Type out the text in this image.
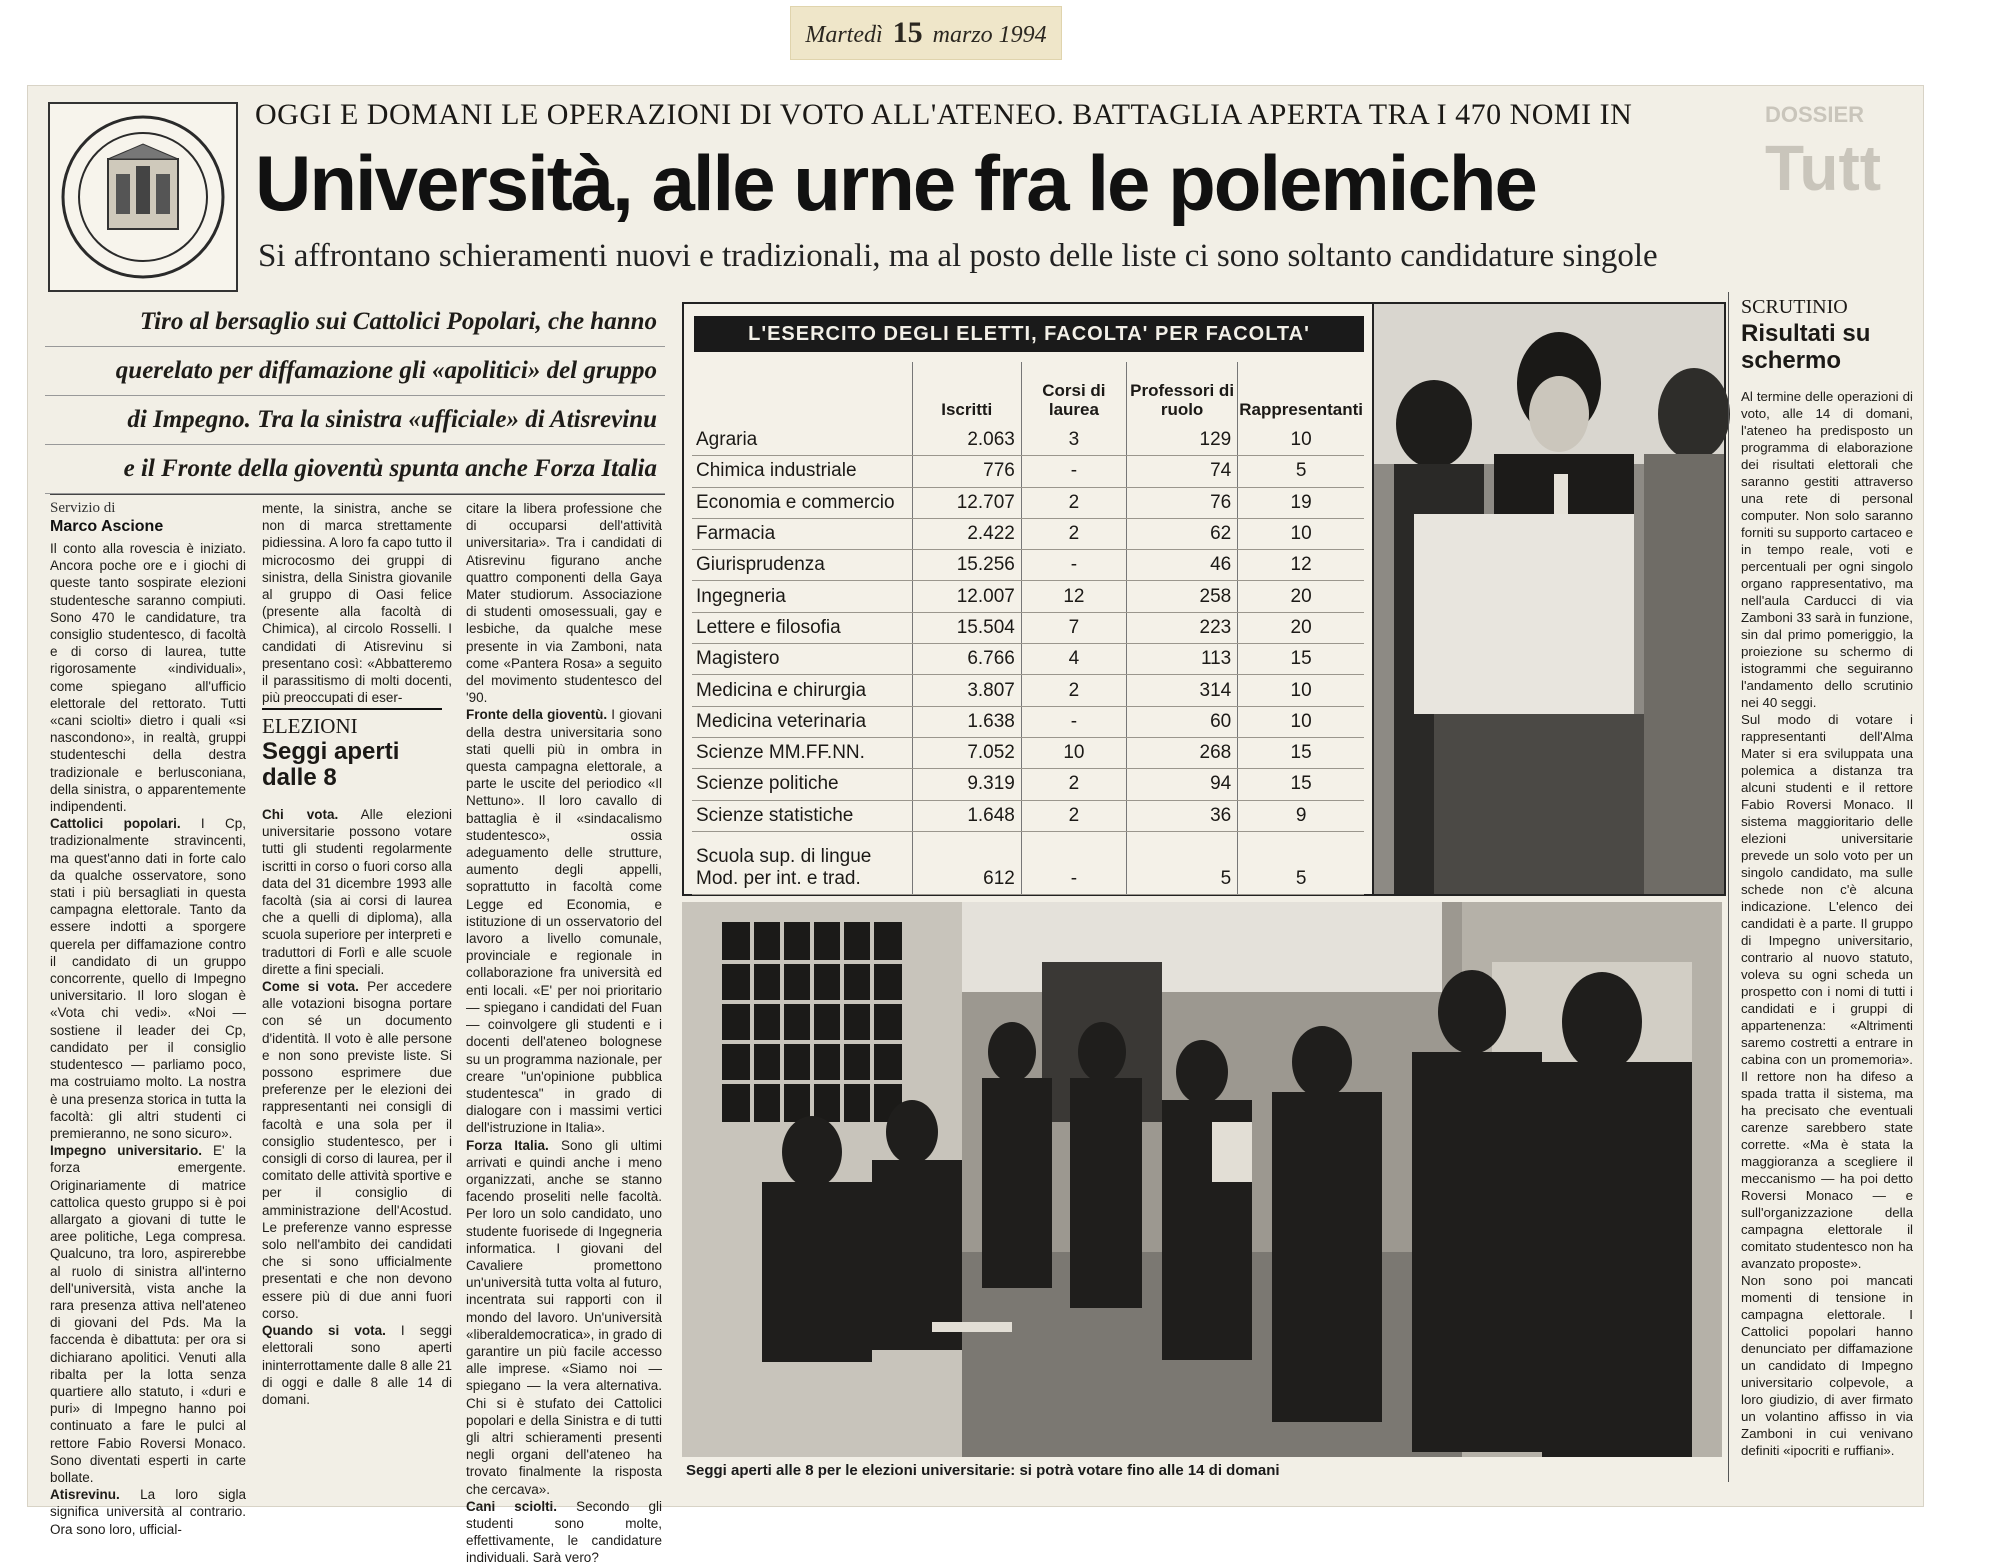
Martedì 15 marzo 1994
OGGI E DOMANI LE OPERAZIONI DI VOTO ALL'ATENEO. BATTAGLIA APERTA TRA I 470 NOMI IN
Università, alle urne fra le polemiche
Si affrontano schieramenti nuovi e tradizionali, ma al posto delle liste ci sono soltanto candidature singole
DOSSIER
Tutt
Tiro al bersaglio sui Cattolici Popolari, che hanno
querelato per diffamazione gli «apolitici» del gruppo
di Impegno. Tra la sinistra «ufficiale» di Atisrevinu
e il Fronte della gioventù spunta anche Forza Italia
Servizio di
Marco Ascione

Il conto alla rovescia è iniziato. Ancora poche ore e i giochi di queste tanto sospirate elezioni studentesche saranno compiuti. Sono 470 le candidature, tra consiglio studentesco, di facoltà e di corso di laurea, tutte rigorosamente «individuali», come spiegano all'ufficio elettorale del rettorato. Tutti «cani sciolti» dietro i quali «si nascondono», in realtà, gruppi studenteschi della destra tradizionale e berlusconiana, della sinistra, o apparentemente indipendenti.

Cattolici popolari. I Cp, tradizionalmente stravincenti, ma quest'anno dati in forte calo da qualche osservatore, sono stati i più bersagliati in questa campagna elettorale. Tanto da essere indotti a sporgere querela per diffamazione contro il candidato di un gruppo concorrente, quello di Impegno universitario. Il loro slogan è «Vota chi vedi». «Noi — sostiene il leader dei Cp, candidato per il consiglio studentesco — parliamo poco, ma costruiamo molto. La nostra è una presenza storica in tutta la facoltà: gli altri studenti ci premieranno, ne sono sicuro».

Impegno universitario. E' la forza emergente. Originariamente di matrice cattolica questo gruppo si è poi allargato a giovani di tutte le aree politiche, Lega compresa. Qualcuno, tra loro, aspirerebbe al ruolo di sinistra all'interno dell'università, vista anche la rara presenza attiva nell'ateneo di giovani del Pds. Ma la faccenda è dibattuta: per ora si dichiarano apolitici. Venuti alla ribalta per la lotta senza quartiere allo statuto, i «duri e puri» di Impegno hanno poi continuato a fare le pulci al rettore Fabio Roversi Monaco. Sono diventati esperti in carte bollate.

Atisrevinu. La loro sigla significa università al contrario. Ora sono loro, ufficial-

mente, la sinistra, anche se non di marca strettamente pidiessina. A loro fa capo tutto il microcosmo dei gruppi di sinistra, della Sinistra giovanile al gruppo di Oasi felice (presente alla facoltà di Chimica), al circolo Rosselli. I candidati di Atisrevinu si presentano così: «Abbatteremo il parassitismo di molti docenti, più preoccupati di eser-

ELEZIONI
Seggi aperti dalle 8

Chi vota. Alle elezioni universitarie possono votare tutti gli studenti regolarmente iscritti in corso o fuori corso alla data del 31 dicembre 1993 alle facoltà (sia ai corsi di laurea che a quelli di diploma), alla scuola superiore per interpreti e traduttori di Forlì e alle scuole dirette a fini speciali.

Come si vota. Per accedere alle votazioni bisogna portare con sé un documento d'identità. Il voto è alle persone e non sono previste liste. Si possono esprimere due preferenze per le elezioni dei rappresentanti nei consigli di facoltà e una sola per il consiglio studentesco, per i consigli di corso di laurea, per il comitato delle attività sportive e per il consiglio di amministrazione dell'Acostud. Le preferenze vanno espresse solo nell'ambito dei candidati che si sono ufficialmente presentati e che non devono essere più di due anni fuori corso.

Quando si vota. I seggi elettorali sono aperti ininterrottamente dalle 8 alle 21 di oggi e dalle 8 alle 14 di domani.

citare la libera professione che di occuparsi dell'attività universitaria». Tra i candidati di Atisrevinu figurano anche quattro componenti della Gaya Mater studiorum. Associazione di studenti omosessuali, gay e lesbiche, da qualche mese presente in via Zamboni, nata come «Pantera Rosa» a seguito del movimento studentesco del '90.

Fronte della gioventù. I giovani della destra universitaria sono stati quelli più in ombra in questa campagna elettorale, a parte le uscite del periodico «Il Nettuno». Il loro cavallo di battaglia è il «sindacalismo studentesco», ossia adeguamento delle strutture, aumento degli appelli, soprattutto in facoltà come Legge ed Economia, e istituzione di un osservatorio del lavoro a livello comunale, provinciale e regionale in collaborazione fra università ed enti locali. «E' per noi prioritario — spiegano i candidati del Fuan — coinvolgere gli studenti e i docenti dell'ateneo bolognese su un programma nazionale, per creare "un'opinione pubblica studentesca" in grado di dialogare con i massimi vertici dell'istruzione in Italia».

Forza Italia. Sono gli ultimi arrivati e quindi anche i meno organizzati, anche se stanno facendo proseliti nelle facoltà. Per loro un solo candidato, uno studente fuorisede di Ingegneria informatica. I giovani del Cavaliere promettono un'università tutta volta al futuro, incentrata sui rapporti con il mondo del lavoro. Un'università «liberaldemocratica», in grado di garantire un più facile accesso alle imprese. «Siamo noi — spiegano — la vera alternativa. Chi si è stufato dei Cattolici popolari e della Sinistra e di tutti gli altri schieramenti presenti negli organi dell'ateneo ha trovato finalmente la risposta che cercava».

Cani sciolti. Secondo gli studenti sono molte, effettivamente, le candidature individuali. Sarà vero?

L'ESERCITO DEGLI ELETTI, FACOLTA' PER FACOLTA'
	Iscritti	Corsi di laurea	Professori di ruolo	Rappresentanti
Agraria	2.063	3	129	10
Chimica industriale	776	-	74	5
Economia e commercio	12.707	2	76	19
Farmacia	2.422	2	62	10
Giurisprudenza	15.256	-	46	12
Ingegneria	12.007	12	258	20
Lettere e filosofia	15.504	7	223	20
Magistero	6.766	4	113	15
Medicina e chirurgia	3.807	2	314	10
Medicina veterinaria	1.638	-	60	10
Scienze MM.FF.NN.	7.052	10	268	15
Scienze politiche	9.319	2	94	15
Scienze statistiche	1.648	2	36	9

Scuola sup. di lingue
Mod. per int. e trad.	612	-	5	5
Seggi aperti alle 8 per le elezioni universitarie: si potrà votare fino alle 14 di domani
SCRUTINIO
Risultati su schermo

Al termine delle operazioni di voto, alle 14 di domani, l'ateneo ha predisposto un programma di elaborazione dei risultati elettorali che saranno gestiti attraverso una rete di personal computer. Non solo saranno forniti su supporto cartaceo e in tempo reale, voti e percentuali per ogni singolo organo rappresentativo, ma nell'aula Carducci di via Zamboni 33 sarà in funzione, sin dal primo pomeriggio, la proiezione su schermo di istogrammi che seguiranno l'andamento dello scrutinio nei 40 seggi.

Sul modo di votare i rappresentanti dell'Alma Mater si era sviluppata una polemica a distanza tra alcuni studenti e il rettore Fabio Roversi Monaco. Il sistema maggioritario delle elezioni universitarie prevede un solo voto per un singolo candidato, ma sulle schede non c'è alcuna indicazione. L'elenco dei candidati è a parte. Il gruppo di Impegno universitario, contrario al nuovo statuto, voleva su ogni scheda un prospetto con i nomi di tutti i candidati e i gruppi di appartenenza: «Altrimenti saremo costretti a entrare in cabina con un promemoria». Il rettore non ha difeso a spada tratta il sistema, ma ha precisato che eventuali carenze sarebbero state corrette. «Ma è stata la maggioranza a scegliere il meccanismo — ha poi detto Roversi Monaco — e sull'organizzazione della campagna elettorale il comitato studentesco non ha avanzato proposte».

Non sono poi mancati momenti di tensione in campagna elettorale. I Cattolici popolari hanno denunciato per diffamazione un candidato di Impegno universitario colpevole, a loro giudizio, di aver firmato un volantino affisso in via Zamboni in cui venivano definiti «ipocriti e ruffiani».
